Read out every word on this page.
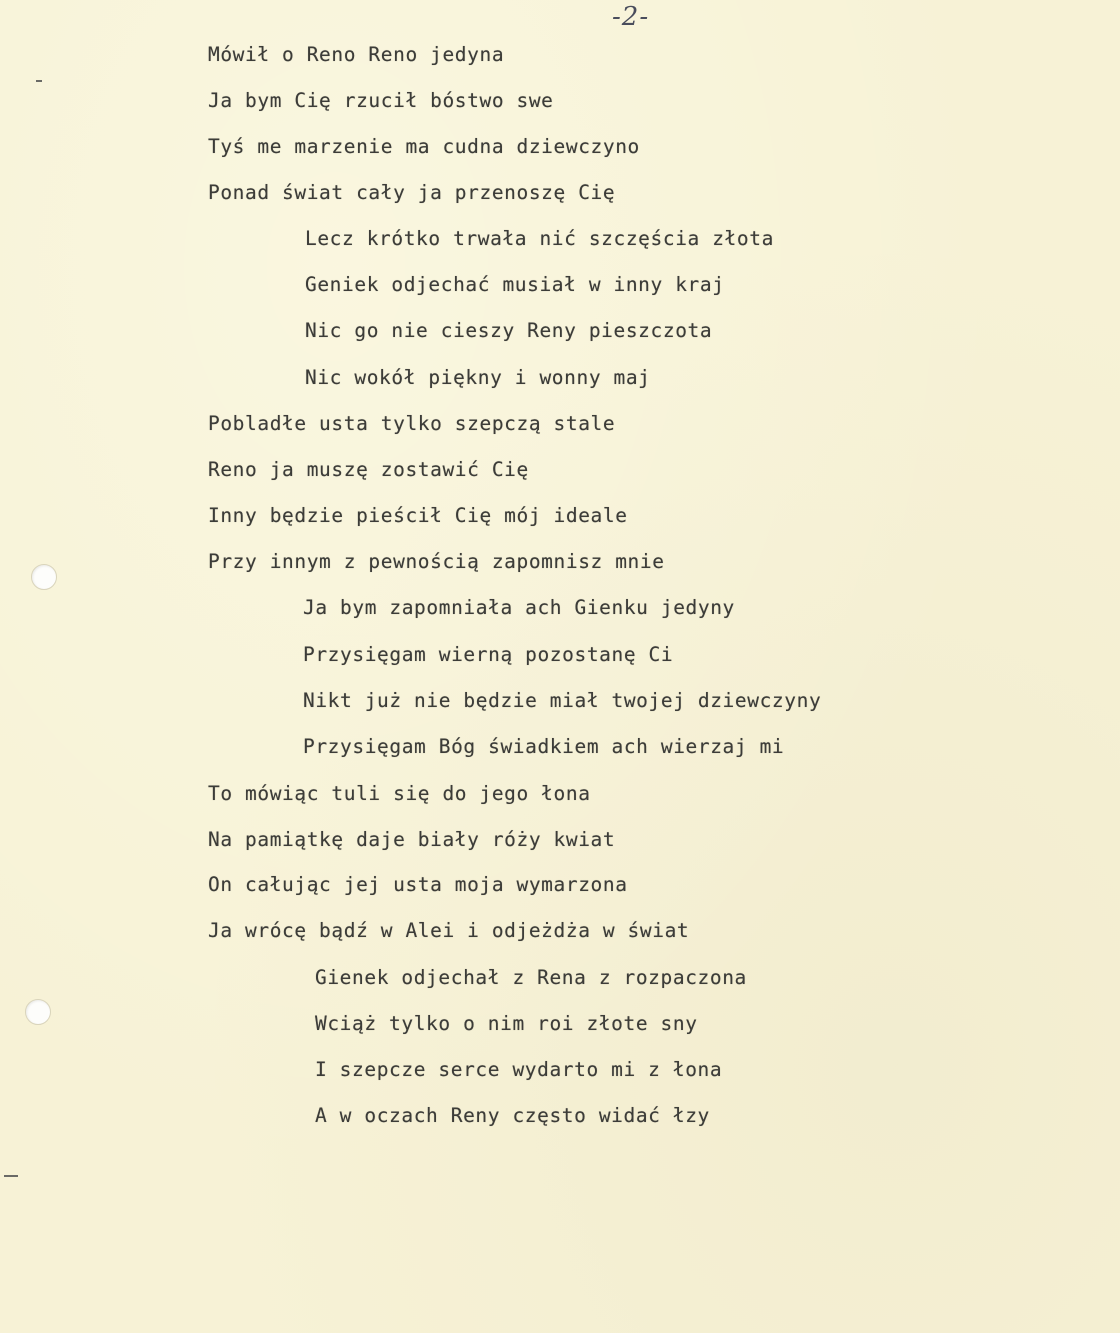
-2-
Mówił o Reno Reno jedyna
Ja bym Cię rzucił bóstwo swe
Tyś me marzenie ma cudna dziewczyno
Ponad świat cały ja przenoszę Cię
Lecz krótko trwała nić szczęścia złota
Geniek odjechać musiał w inny kraj
Nic go nie cieszy Reny pieszczota
Nic wokół piękny i wonny maj
Pobladłe usta tylko szepczą stale
Reno ja muszę zostawić Cię
Inny będzie pieścił Cię mój ideale
Przy innym z pewnością zapomnisz mnie
Ja bym zapomniała ach Gienku jedyny
Przysięgam wierną pozostanę Ci
Nikt już nie będzie miał twojej dziewczyny
Przysięgam Bóg świadkiem ach wierzaj mi
To mówiąc tuli się do jego łona
Na pamiątkę daje biały róży kwiat
On całując jej usta moja wymarzona
Ja wrócę bądź w Alei i odjeżdża w świat
Gienek odjechał z Rena z rozpaczona
Wciąż tylko o nim roi złote sny
I szepcze serce wydarto mi z łona
A w oczach Reny często widać łzy
